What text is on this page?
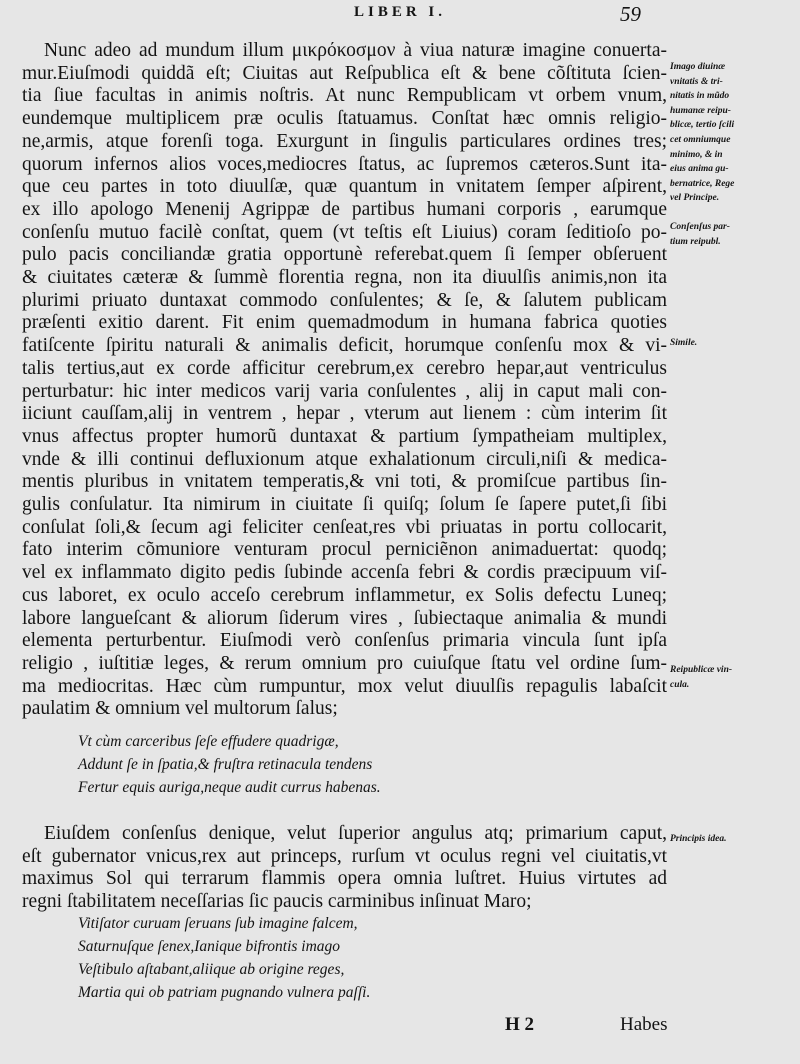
LIBER I.	59
Nunc adeo ad mundum illum μικρόκοσμον à viua naturæ imagine conuerta-
mur.Eiuſmodi quiddã eſt; Ciuitas aut Reſpublica eſt & bene cõſtituta ſcien-
tia ſiue facultas in animis noſtris. At nunc Rempublicam vt orbem vnum,
eundemque multiplicem præ oculis ſtatuamus. Conſtat hæc omnis religio-
ne,armis, atque forenſi toga. Exurgunt in ſingulis particulares ordines tres;
quorum infernos alios voces,mediocres ſtatus, ac ſupremos cæteros.Sunt ita-
que ceu partes in toto diuulſæ, quæ quantum in vnitatem ſemper aſpirent,
ex illo apologo Menenij Agrippæ de partibus humani corporis , earumque
conſenſu mutuo facilè conſtat, quem (vt teſtis eſt Liuius) coram ſeditioſo po-
pulo pacis conciliandæ gratia opportunè referebat.quem ſi ſemper obſeruent
& ciuitates cæteræ & ſummè florentia regna, non ita diuulſis animis,non ita
plurimi priuato duntaxat commodo conſulentes; & ſe, & ſalutem publicam
præſenti exitio darent. Fit enim quemadmodum in humana fabrica quoties
fatiſcente ſpiritu naturali & animalis deficit, horumque conſenſu mox & vi-
talis tertius,aut ex corde afficitur cerebrum,ex cerebro hepar,aut ventriculus
perturbatur: hic inter medicos varij varia conſulentes , alij in caput mali con-
iiciunt cauſſam,alij in ventrem , hepar , vterum aut lienem : cùm interim ſit
vnus affectus propter humorũ duntaxat & partium ſympatheiam multiplex,
vnde & illi continui defluxionum atque exhalationum circuli,niſi & medica-
mentis pluribus in vnitatem temperatis,& vni toti, & promiſcue partibus ſin-
gulis conſulatur. Ita nimirum in ciuitate ſi quiſq; ſolum ſe ſapere putet,ſi ſibi
conſulat ſoli,& ſecum agi feliciter cenſeat,res vbi priuatas in portu collocarit,
fato interim cõmuniore venturam procul perniciẽnon animaduertat: quodq;
vel ex inflammato digito pedis ſubinde accenſa febri & cordis præcipuum viſ-
cus laboret, ex oculo acceſo cerebrum inflammetur, ex Solis defectu Luneq;
labore langueſcant & aliorum ſiderum vires , ſubiectaque animalia & mundi
elementa perturbentur. Eiuſmodi verò conſenſus primaria vincula ſunt ipſa
religio , iuſtitiæ leges, & rerum omnium pro cuiuſque ſtatu vel ordine ſum-
ma mediocritas. Hæc cùm rumpuntur, mox velut diuulſis repagulis labaſcit
paulatim & omnium vel multorum ſalus;
Vt cùm carceribus ſeſe effudere quadrigæ,
Addunt ſe in ſpatia,& fruſtra retinacula tendens
Fertur equis auriga,neque audit currus habenas.
Eiuſdem conſenſus denique, velut ſuperior angulus atq; primarium caput,
eſt gubernator vnicus,rex aut princeps, rurſum vt oculus regni vel ciuitatis,vt
maximus Sol qui terrarum flammis opera omnia luſtret. Huius virtutes ad
regni ſtabilitatem neceſſarias ſic paucis carminibus inſinuat Maro;
Vitiſator curuam ſeruans ſub imagine falcem,
Saturnuſque ſenex,Ianique bifrontis imago
Veſtibulo aſtabant,aliique ab origine reges,
Martia qui ob patriam pugnando vulnera paſſi.
Imago diuinæ
vnitatis & tri-
nitatis in mũdo
humanæ reipu-
blicæ, tertio ſcili
cet omniumque
minimo, & in
eius anima gu-
bernatrice, Rege
vel Principe.
Conſenſus par-
tium reipubl.
Simile.
Reipublicæ vin-
cula.
Principis idea.
H 2	Habes
